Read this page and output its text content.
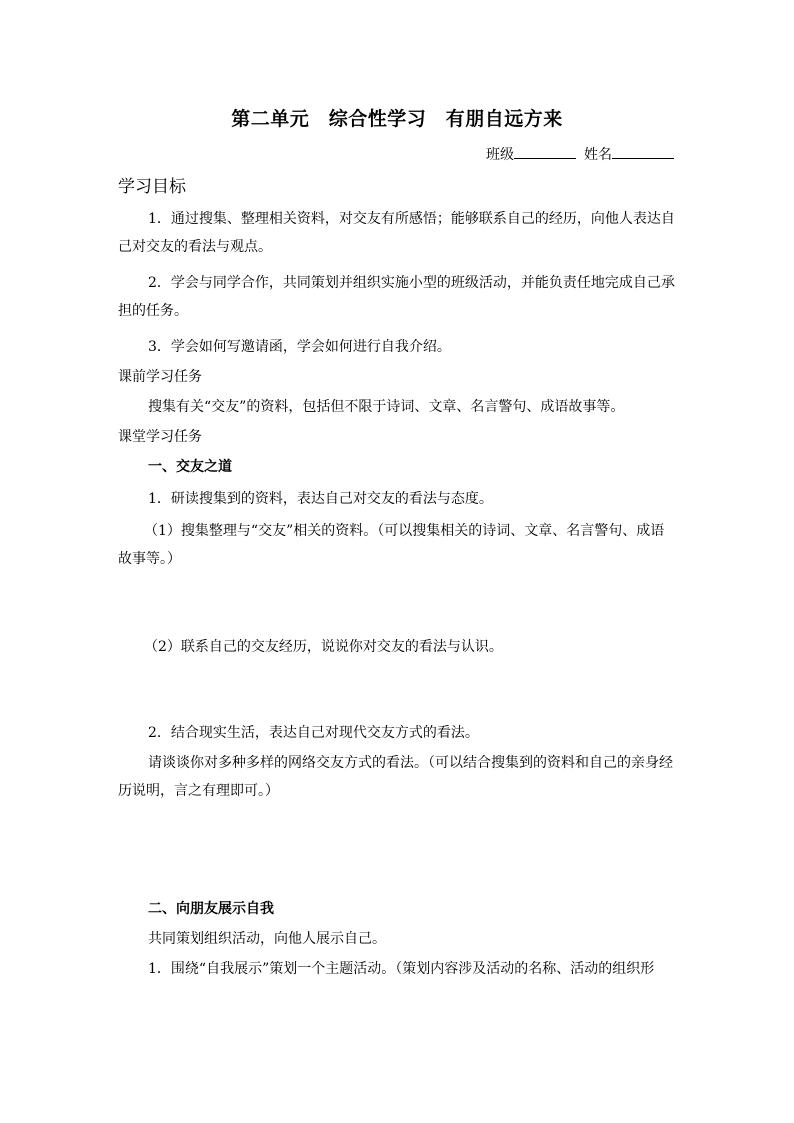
第二单元　综合性学习　有朋自远方来
班级	姓名
学习目标

1．通过搜集、整理相关资料，对交友有所感悟；能够联系自己的经历，向他人表达自己对交友的看法与观点。

2．学会与同学合作，共同策划并组织实施小型的班级活动，并能负责任地完成自己承担的任务。

3．学会如何写邀请函，学会如何进行自我介绍。

课前学习任务

搜集有关“交友”的资料，包括但不限于诗词、文章、名言警句、成语故事等。

课堂学习任务

一、交友之道

1．研读搜集到的资料，表达自己对交友的看法与态度。

（1）搜集整理与“交友”相关的资料。（可以搜集相关的诗词、文章、名言警句、成语故事等。）

（2）联系自己的交友经历，说说你对交友的看法与认识。

2．结合现实生活，表达自己对现代交友方式的看法。

请谈谈你对多种多样的网络交友方式的看法。（可以结合搜集到的资料和自己的亲身经历说明，言之有理即可。）

二、向朋友展示自我

共同策划组织活动，向他人展示自己。

1．围绕“自我展示”策划一个主题活动。（策划内容涉及活动的名称、活动的组织形
